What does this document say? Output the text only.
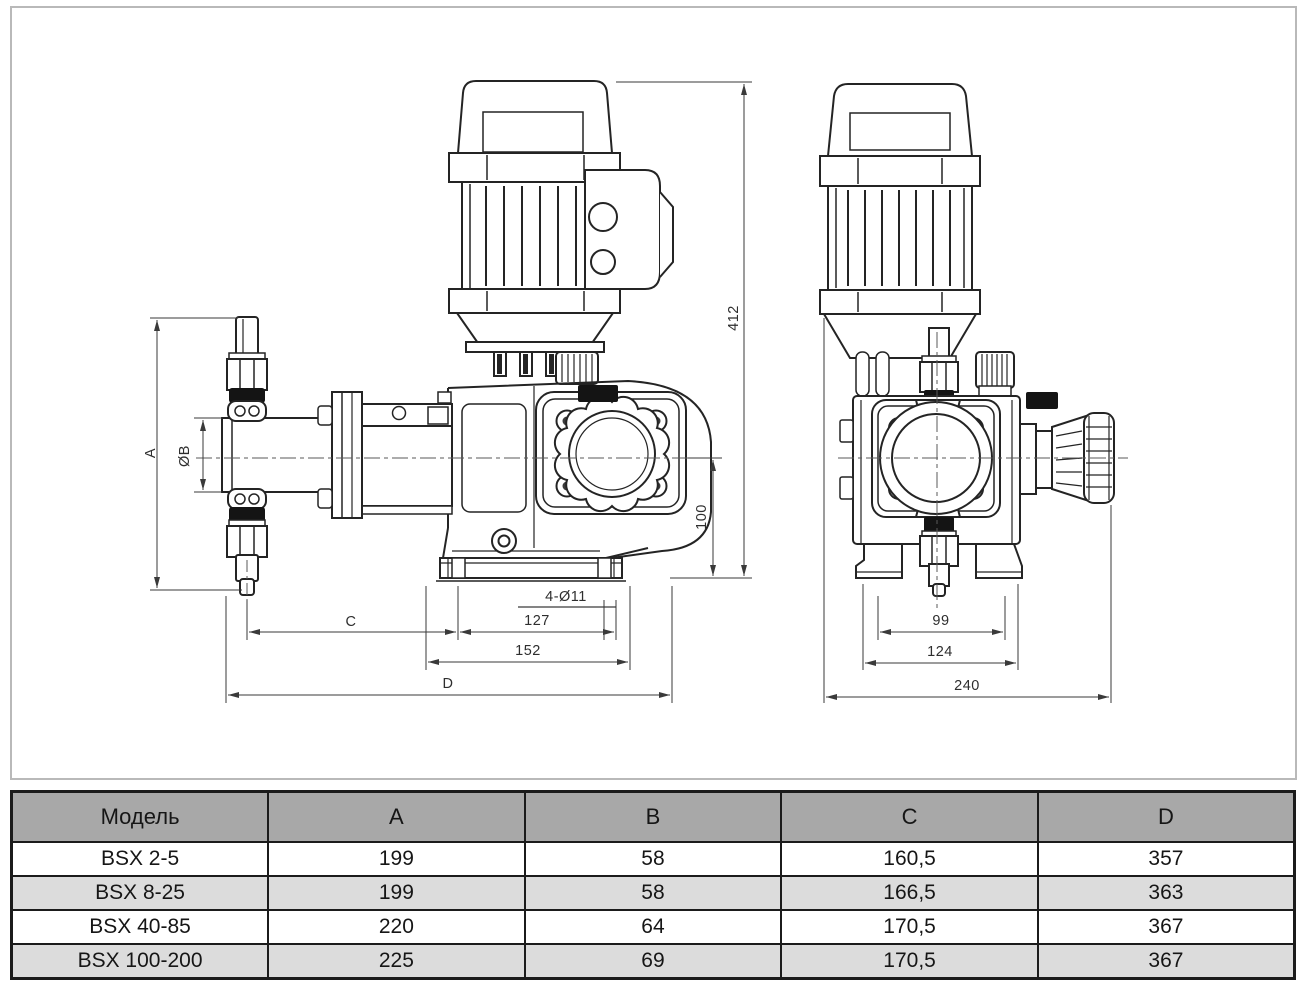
A ØB
412
100
C	127
4-Ø11
152
D
99
124
240
Модель	A	B	C	D
BSX 2-5	199	58	160,5	357
BSX 8-25	199	58	166,5	363
BSX 40-85	220	64	170,5	367
BSX 100-200	225	69	170,5	367
